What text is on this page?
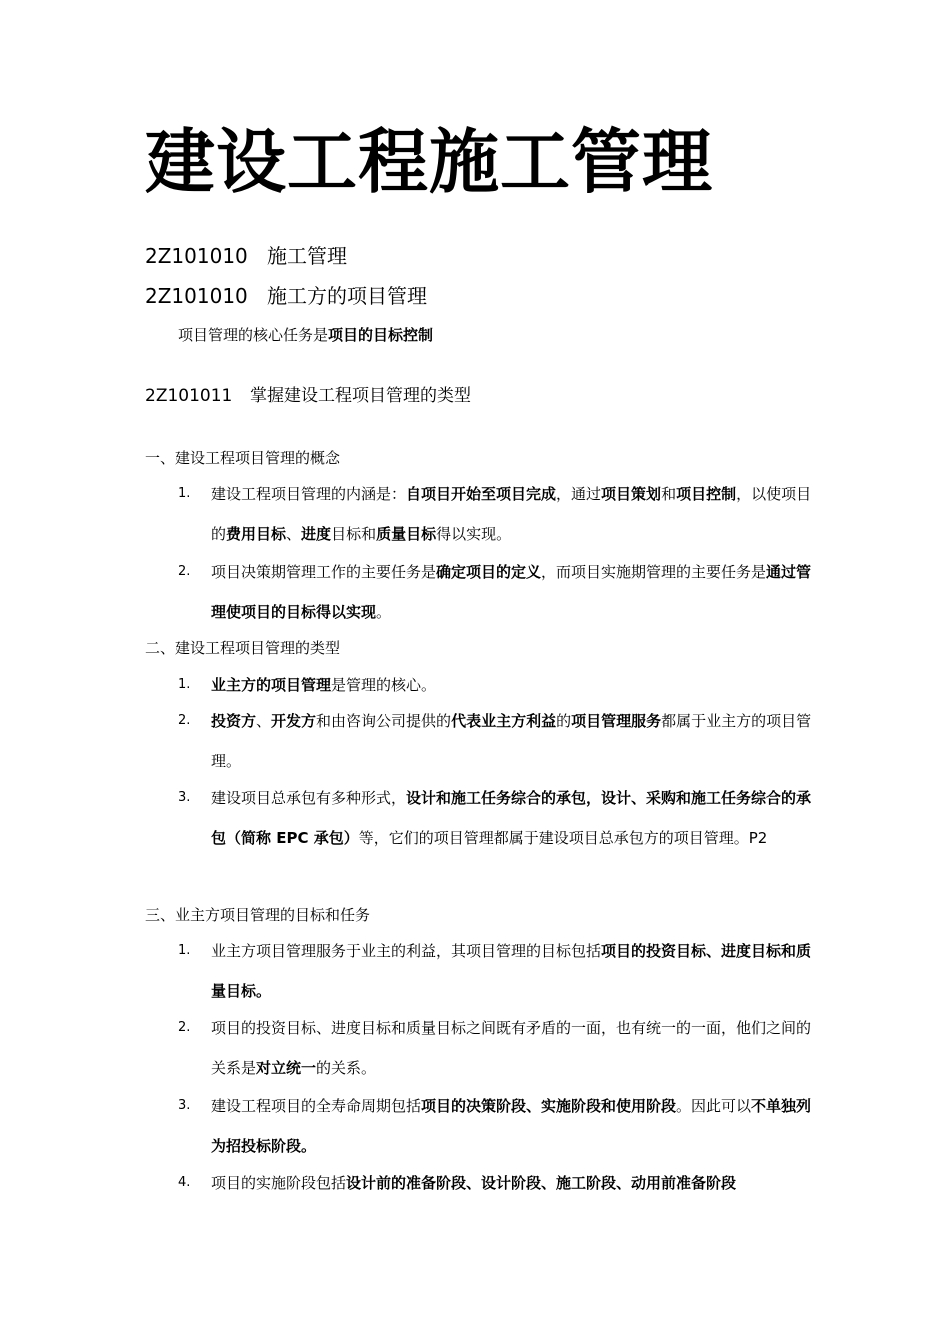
建设工程施工管理
2Z101010 施工管理
2Z101010 施工方的项目管理
项目管理的核心任务是项目的目标控制
2Z101011 掌握建设工程项目管理的类型
一、建设工程项目管理的概念
1. 建设工程项目管理的内涵是：自项目开始至项目完成，通过项目策划和项目控制，以使项目的费用目标、进度目标和质量目标得以实现。
2. 项目决策期管理工作的主要任务是确定项目的定义，而项目实施期管理的主要任务是通过管理使项目的目标得以实现。
二、建设工程项目管理的类型
1. 业主方的项目管理是管理的核心。
2. 投资方、开发方和由咨询公司提供的代表业主方利益的项目管理服务都属于业主方的项目管理。
3. 建设项目总承包有多种形式，设计和施工任务综合的承包，设计、采购和施工任务综合的承包（简称 EPC 承包）等，它们的项目管理都属于建设项目总承包方的项目管理。P2
三、业主方项目管理的目标和任务
1. 业主方项目管理服务于业主的利益，其项目管理的目标包括项目的投资目标、进度目标和质量目标。
2. 项目的投资目标、进度目标和质量目标之间既有矛盾的一面，也有统一的一面，他们之间的关系是对立统一的关系。
3. 建设工程项目的全寿命周期包括项目的决策阶段、实施阶段和使用阶段。因此可以不单独列为招投标阶段。
4. 项目的实施阶段包括设计前的准备阶段、设计阶段、施工阶段、动用前准备阶段
